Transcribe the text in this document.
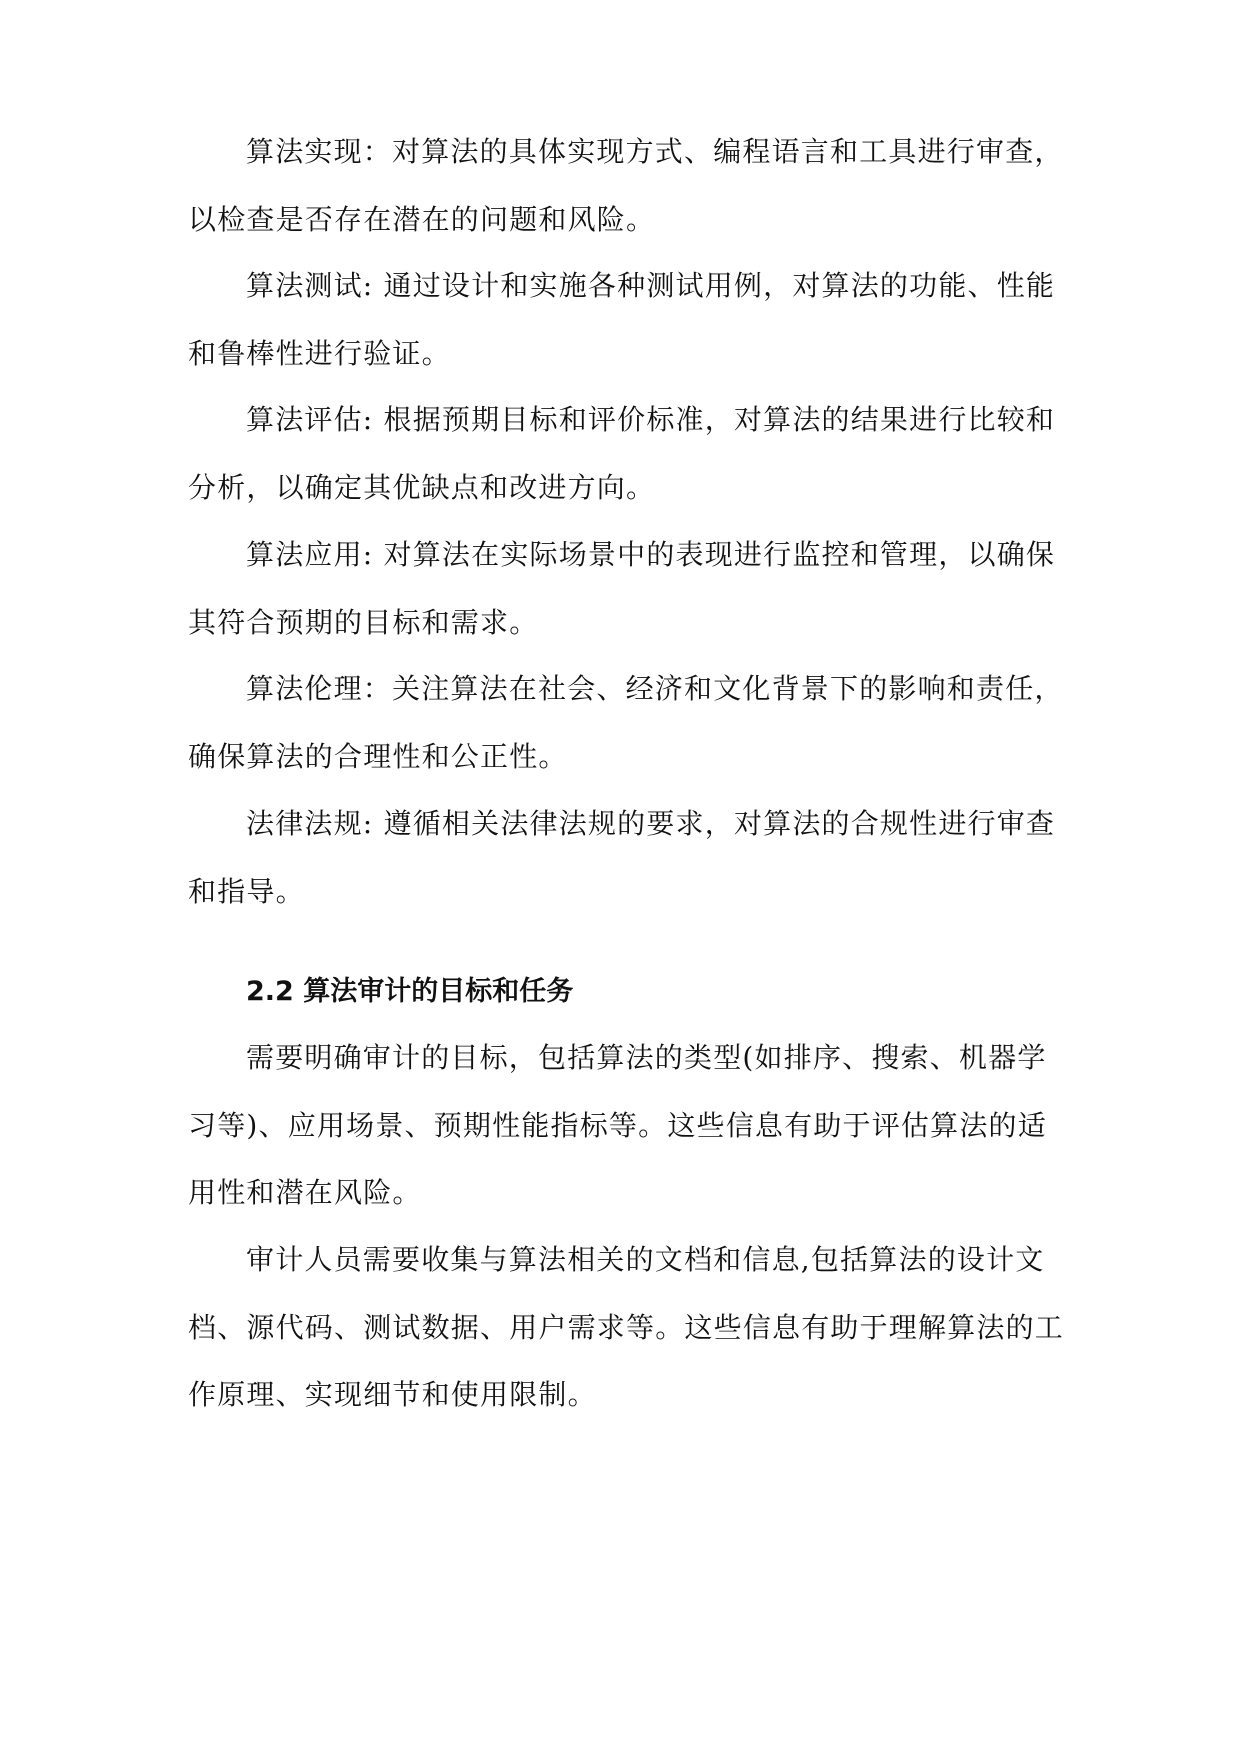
算法实现：对算法的具体实现方式、编程语言和工具进行审查，
以检查是否存在潜在的问题和风险。
算法测试: 通过设计和实施各种测试用例，对算法的功能、性能
和鲁棒性进行验证。
算法评估: 根据预期目标和评价标准，对算法的结果进行比较和
分析，以确定其优缺点和改进方向。
算法应用: 对算法在实际场景中的表现进行监控和管理，以确保
其符合预期的目标和需求。
算法伦理：关注算法在社会、经济和文化背景下的影响和责任，
确保算法的合理性和公正性。
法律法规: 遵循相关法律法规的要求，对算法的合规性进行审查
和指导。
2.2 算法审计的目标和任务
需要明确审计的目标，包括算法的类型(如排序、搜索、机器学
习等)、应用场景、预期性能指标等。这些信息有助于评估算法的适
用性和潜在风险。
审计人员需要收集与算法相关的文档和信息,包括算法的设计文
档、源代码、测试数据、用户需求等。这些信息有助于理解算法的工
作原理、实现细节和使用限制。
